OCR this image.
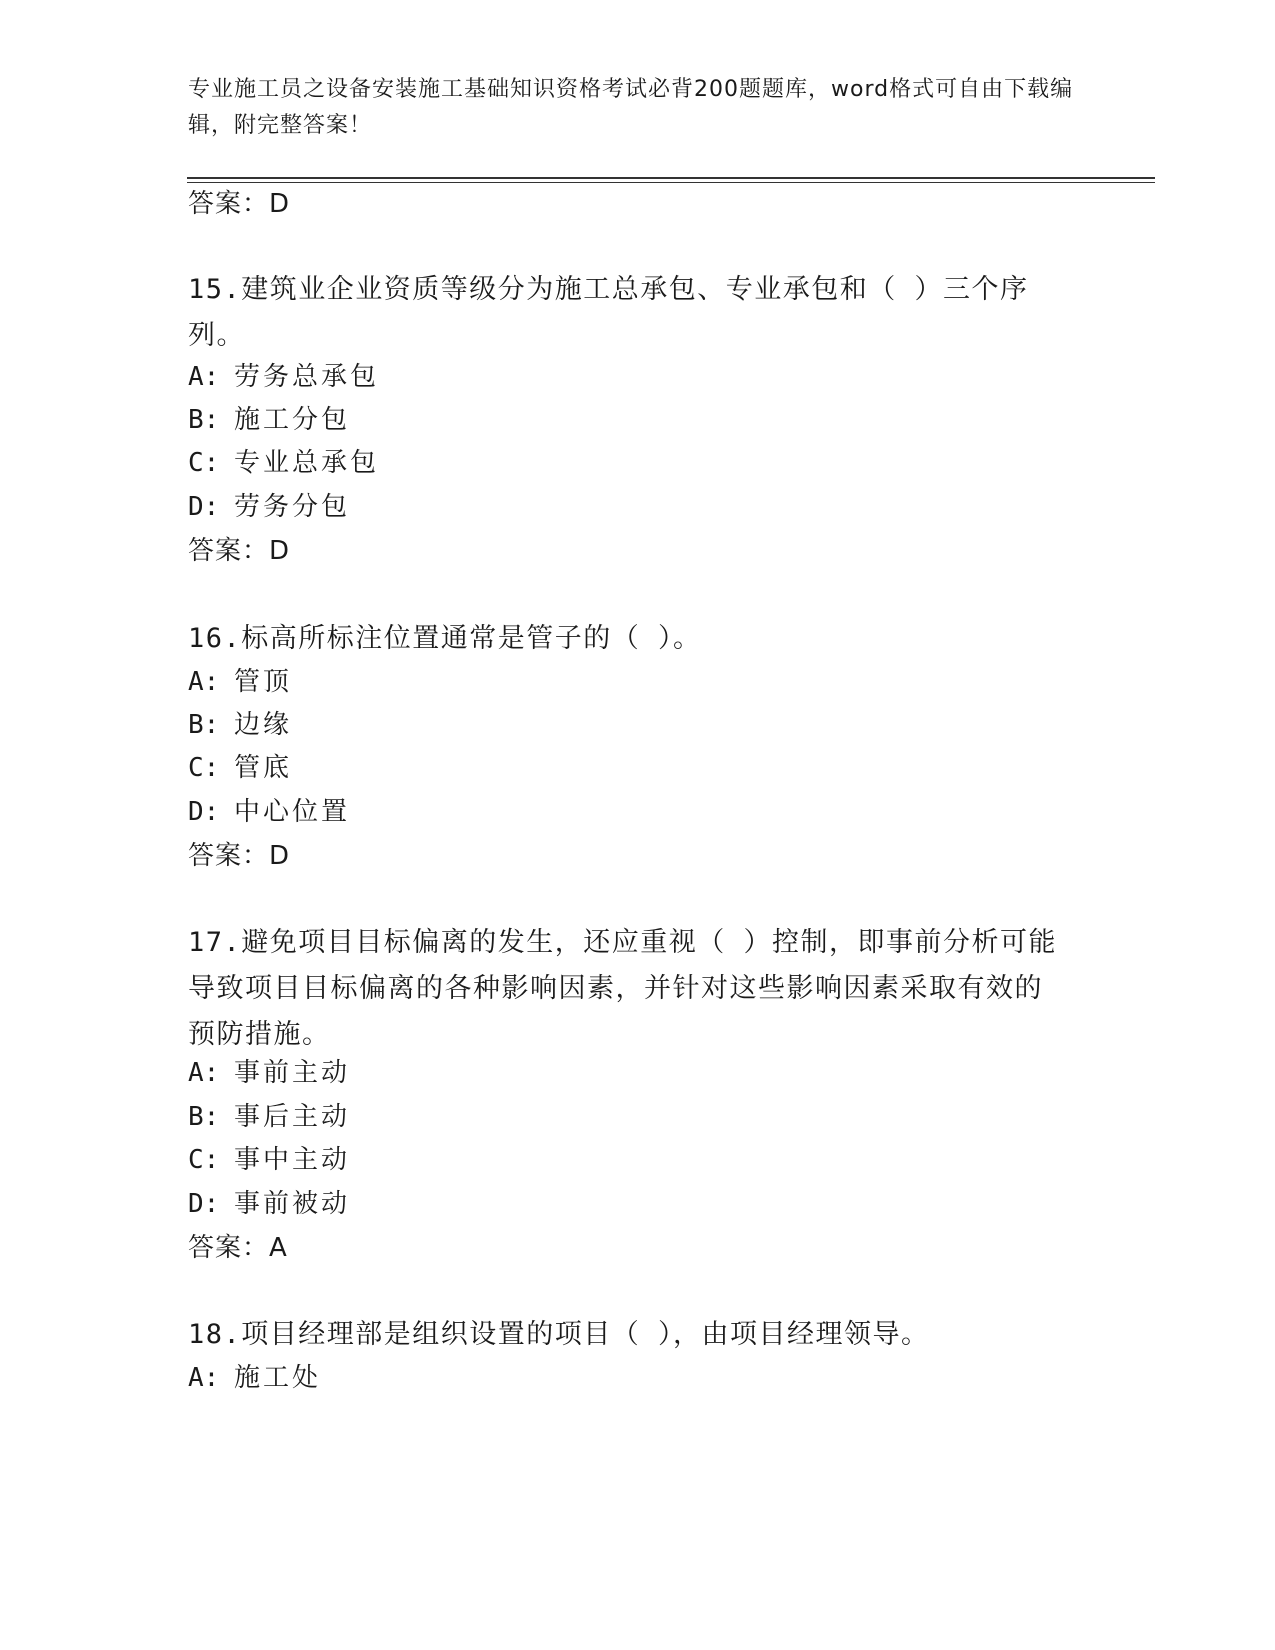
专业施工员之设备安装施工基础知识资格考试必背200题题库，word格式可自由下载编辑，附完整答案！
答案：D
15.建筑业企业资质等级分为施工总承包、专业承包和（ ）三个序列。
A: 劳务总承包
B: 施工分包
C: 专业总承包
D: 劳务分包
答案：D
16.标高所标注位置通常是管子的（ ）。
A: 管顶
B: 边缘
C: 管底
D: 中心位置
答案：D
17.避免项目目标偏离的发生，还应重视（ ）控制，即事前分析可能导致项目目标偏离的各种影响因素，并针对这些影响因素采取有效的预防措施。
A: 事前主动
B: 事后主动
C: 事中主动
D: 事前被动
答案：A
18.项目经理部是组织设置的项目（ ），由项目经理领导。
A: 施工处
